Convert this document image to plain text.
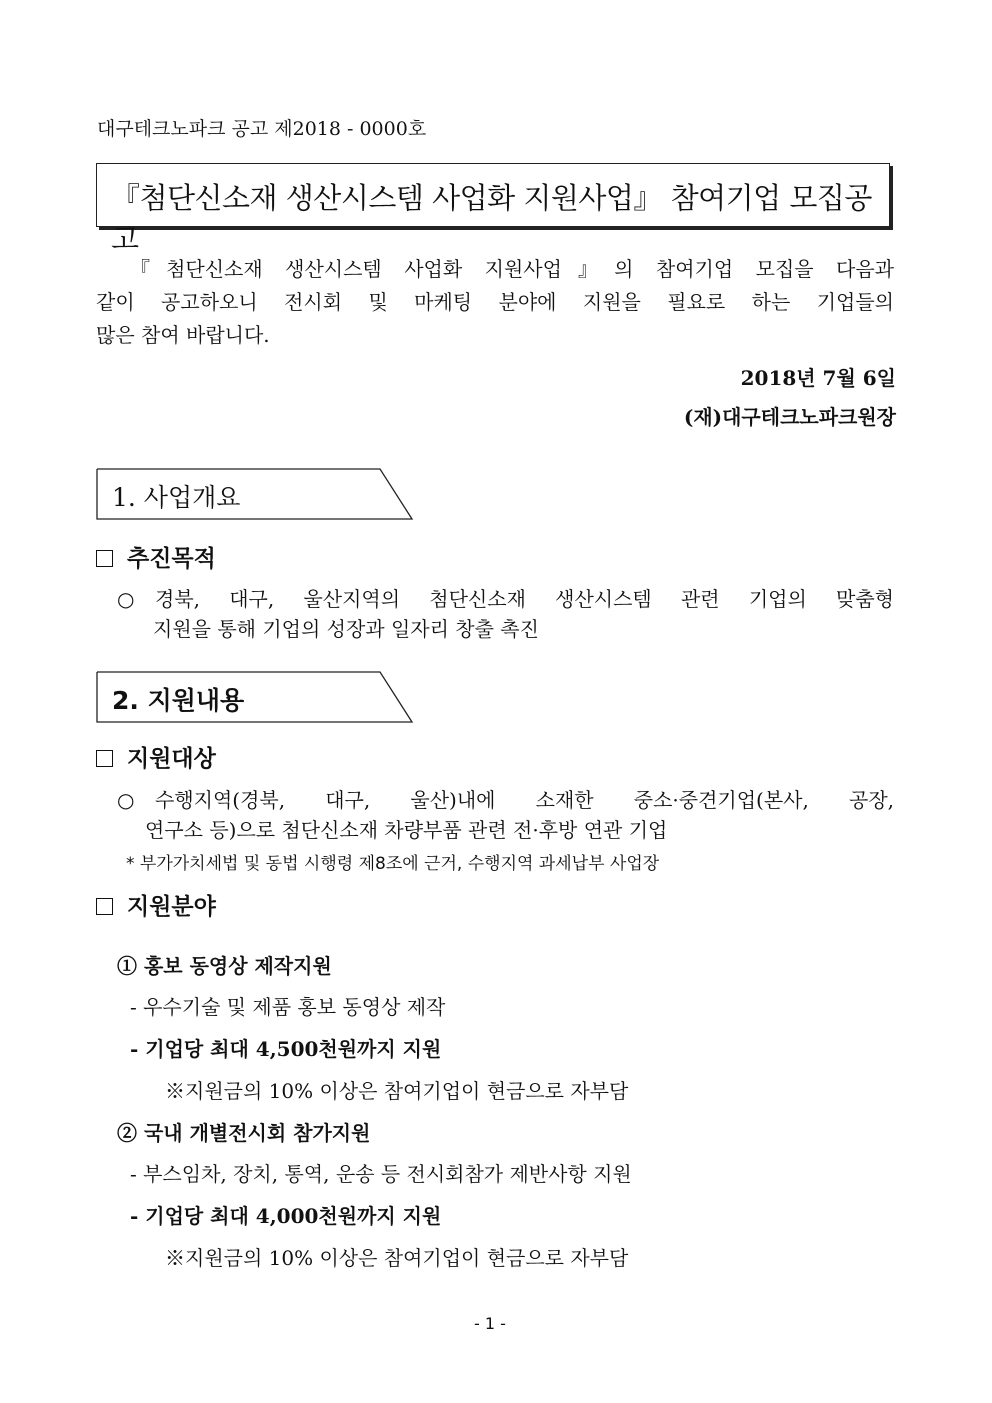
대구테크노파크 공고 제2018 - 0000호
『첨단신소재 생산시스템 사업화 지원사업』 참여기업 모집공고

『첨단신소재 생산시스템 사업화 지원사업』의 참여기업 모집을 다음과

같이 공고하오니 전시회 및 마케팅 분야에 지원을 필요로 하는 기업들의

많은 참여 바랍니다.

2018년 7월 6일
(재)대구테크노파크원장
1. 사업개요
추진목적
○ 경북, 대구, 울산지역의 첨단신소재 생산시스템 관련 기업의 맞춤형

지원을 통해 기업의 성장과 일자리 창출 촉진

2. 지원내용
지원대상
○ 수행지역(경북, 대구, 울산)내에 소재한 중소·중견기업(본사, 공장,

연구소 등)으로 첨단신소재 차량부품 관련 전·후방 연관 기업

* 부가가치세법 및 동법 시행령 제8조에 근거, 수행지역 과세납부 사업장
지원분야
① 홍보 동영상 제작지원
- 우수기술 및 제품 홍보 동영상 제작
- 기업당 최대 4,500천원까지 지원
※지원금의 10% 이상은 참여기업이 현금으로 자부담
② 국내 개별전시회 참가지원
- 부스임차, 장치, 통역, 운송 등 전시회참가 제반사항 지원
- 기업당 최대 4,000천원까지 지원
※지원금의 10% 이상은 참여기업이 현금으로 자부담
- 1 -
